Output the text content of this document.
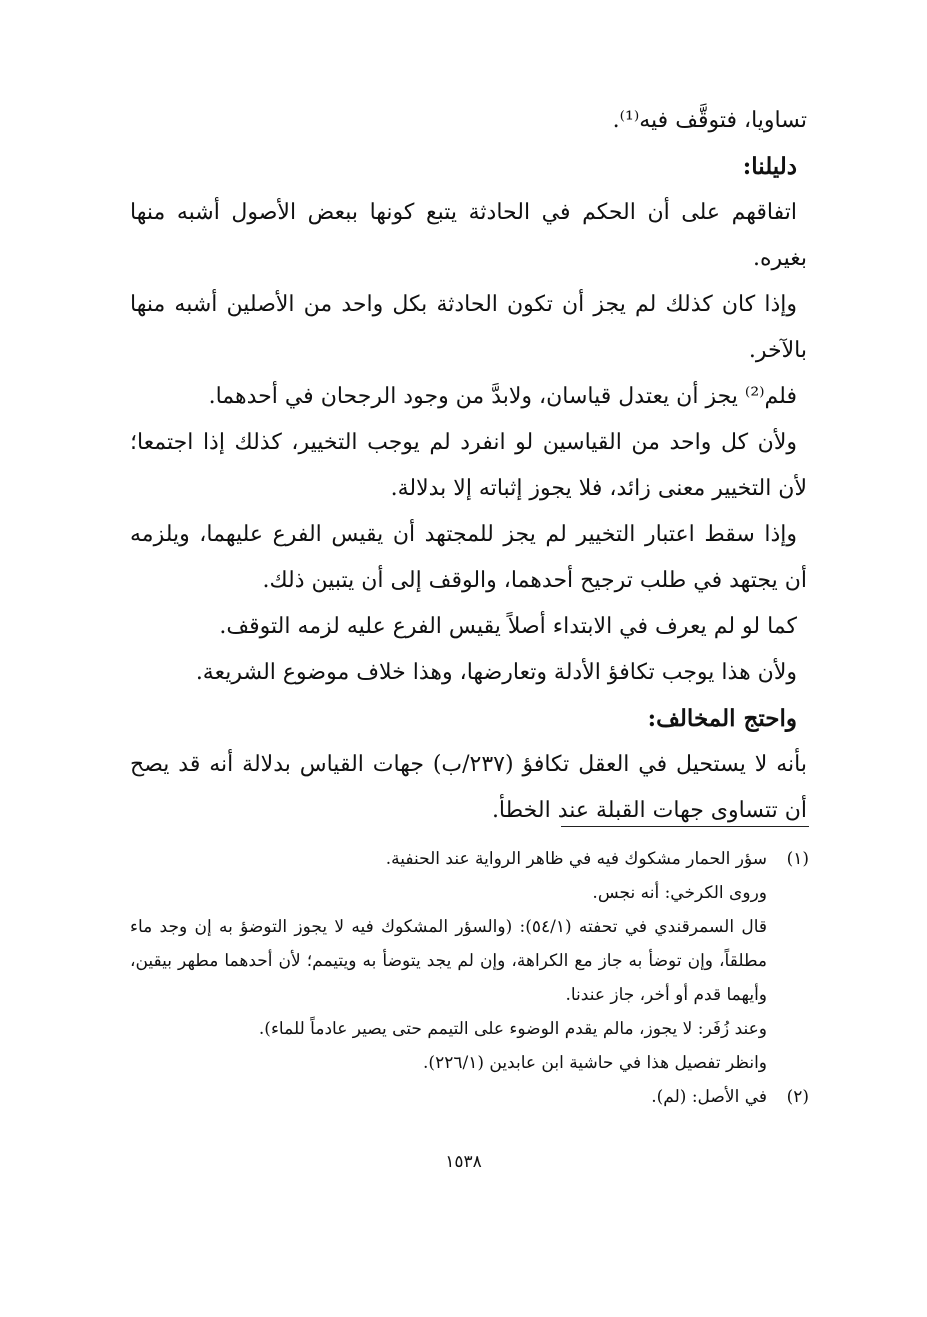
تساويا، فتوقَّف فيه⁽¹⁾.

دليلنا:

اتفاقهم على أن الحكم في الحادثة يتبع كونها ببعض الأصول أشبه منها بغيره.

وإذا كان كذلك لم يجز أن تكون الحادثة بكل واحد من الأصلين أشبه منها بالآخر.

فلم⁽²⁾ يجز أن يعتدل قياسان، ولابدَّ من وجود الرجحان في أحدهما.

ولأن كل واحد من القياسين لو انفرد لم يوجب التخيير، كذلك إذا اجتمعا؛ لأن التخيير معنى زائد، فلا يجوز إثباته إلا بدلالة.

وإذا سقط اعتبار التخيير لم يجز للمجتهد أن يقيس الفرع عليهما، ويلزمه أن يجتهد في طلب ترجيح أحدهما، والوقف إلى أن يتبين ذلك.

كما لو لم يعرف في الابتداء أصلاً يقيس الفرع عليه لزمه التوقف.

ولأن هذا يوجب تكافؤ الأدلة وتعارضها، وهذا خلاف موضوع الشريعة.

واحتج المخالف:

بأنه لا يستحيل في العقل تكافؤ (٢٣٧/ب) جهات القياس بدلالة أنه قد يصح أن تتساوى جهات القبلة عند الخطأ.

(١)

سؤر الحمار مشكوك فيه في ظاهر الرواية عند الحنفية.

وروى الكرخي: أنه نجس.

قال السمرقندي في تحفته (٥٤/١): (والسؤر المشكوك فيه لا يجوز التوضؤ به إن وجد ماء مطلقاً، وإن توضأ به جاز مع الكراهة، وإن لم يجد يتوضأ به ويتيمم؛ لأن أحدهما مطهر بيقين، وأيهما قدم أو أخر، جاز عندنا.

وعند زُفَر: لا يجوز، مالم يقدم الوضوء على التيمم حتى يصير عادماً للماء).

وانظر تفصيل هذا في حاشية ابن عابدين (٢٢٦/١).

(٢)

في الأصل: (لم).

١٥٣٨
